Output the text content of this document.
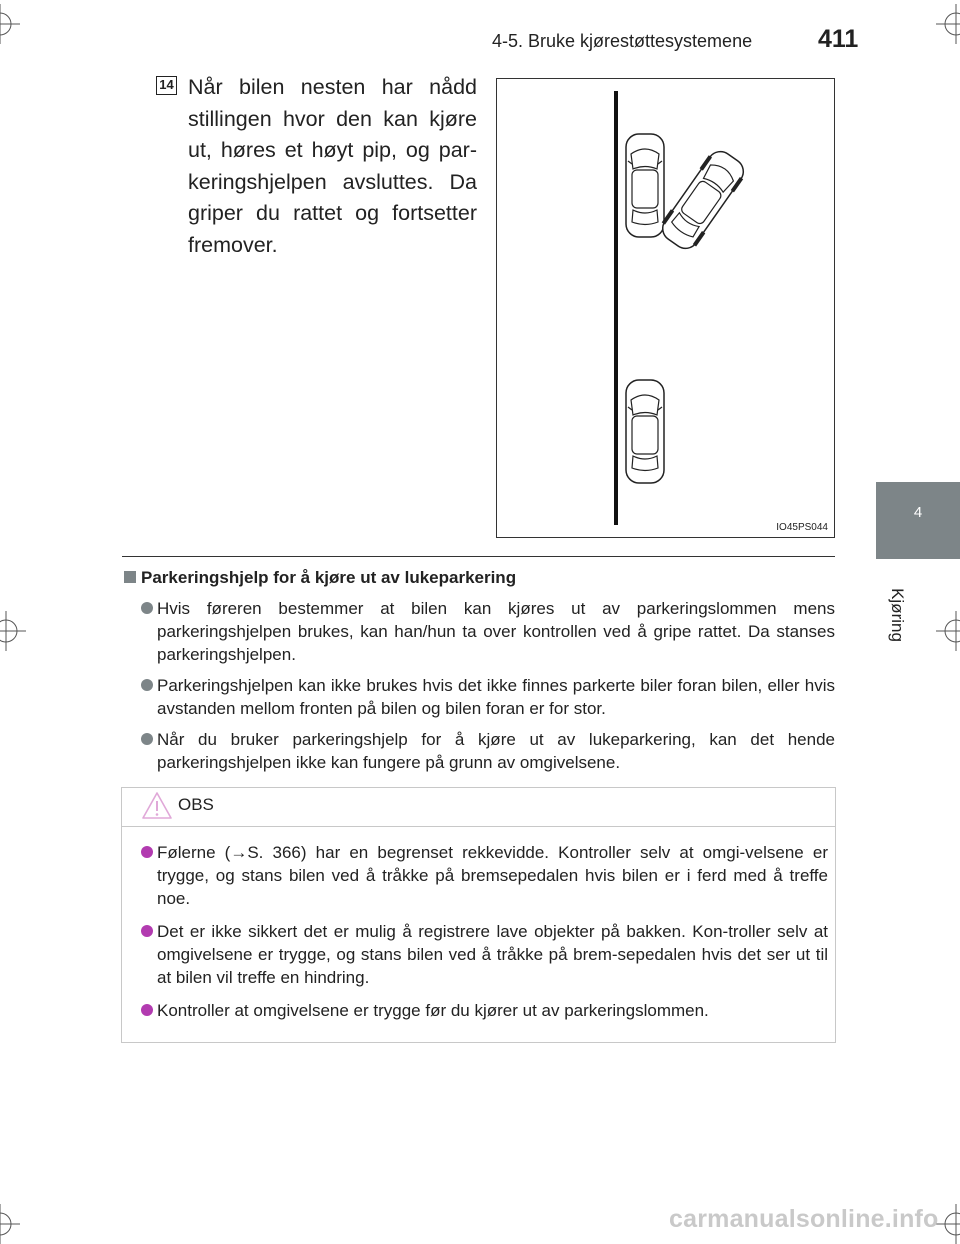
4-5. Bruke kjørestøttesystemene	411
4
Kjøring
14 Når bilen nesten har nådd stillingen hvor den kan kjøre ut, høres et høyt pip, og par-keringshjelpen avsluttes. Da griper du rattet og fortsetter fremover.
IO45PS044
Parkeringshjelp for å kjøre ut av lukeparkering
Hvis føreren bestemmer at bilen kan kjøres ut av parkeringslommen mens parkeringshjelpen brukes, kan han/hun ta over kontrollen ved å gripe rattet. Da stanses parkeringshjelpen.
Parkeringshjelpen kan ikke brukes hvis det ikke finnes parkerte biler foran bilen, eller hvis avstanden mellom fronten på bilen og bilen foran er for stor.
Når du bruker parkeringshjelp for å kjøre ut av lukeparkering, kan det hende parkeringshjelpen ikke kan fungere på grunn av omgivelsene.
OBS
Følerne (→S. 366) har en begrenset rekkevidde. Kontroller selv at omgi-velsene er trygge, og stans bilen ved å tråkke på bremsepedalen hvis bilen er i ferd med å treffe noe.
Det er ikke sikkert det er mulig å registrere lave objekter på bakken. Kon-troller selv at omgivelsene er trygge, og stans bilen ved å tråkke på brem-sepedalen hvis det ser ut til at bilen vil treffe en hindring.
Kontroller at omgivelsene er trygge før du kjører ut av parkeringslommen.
carmanualsonline.info
